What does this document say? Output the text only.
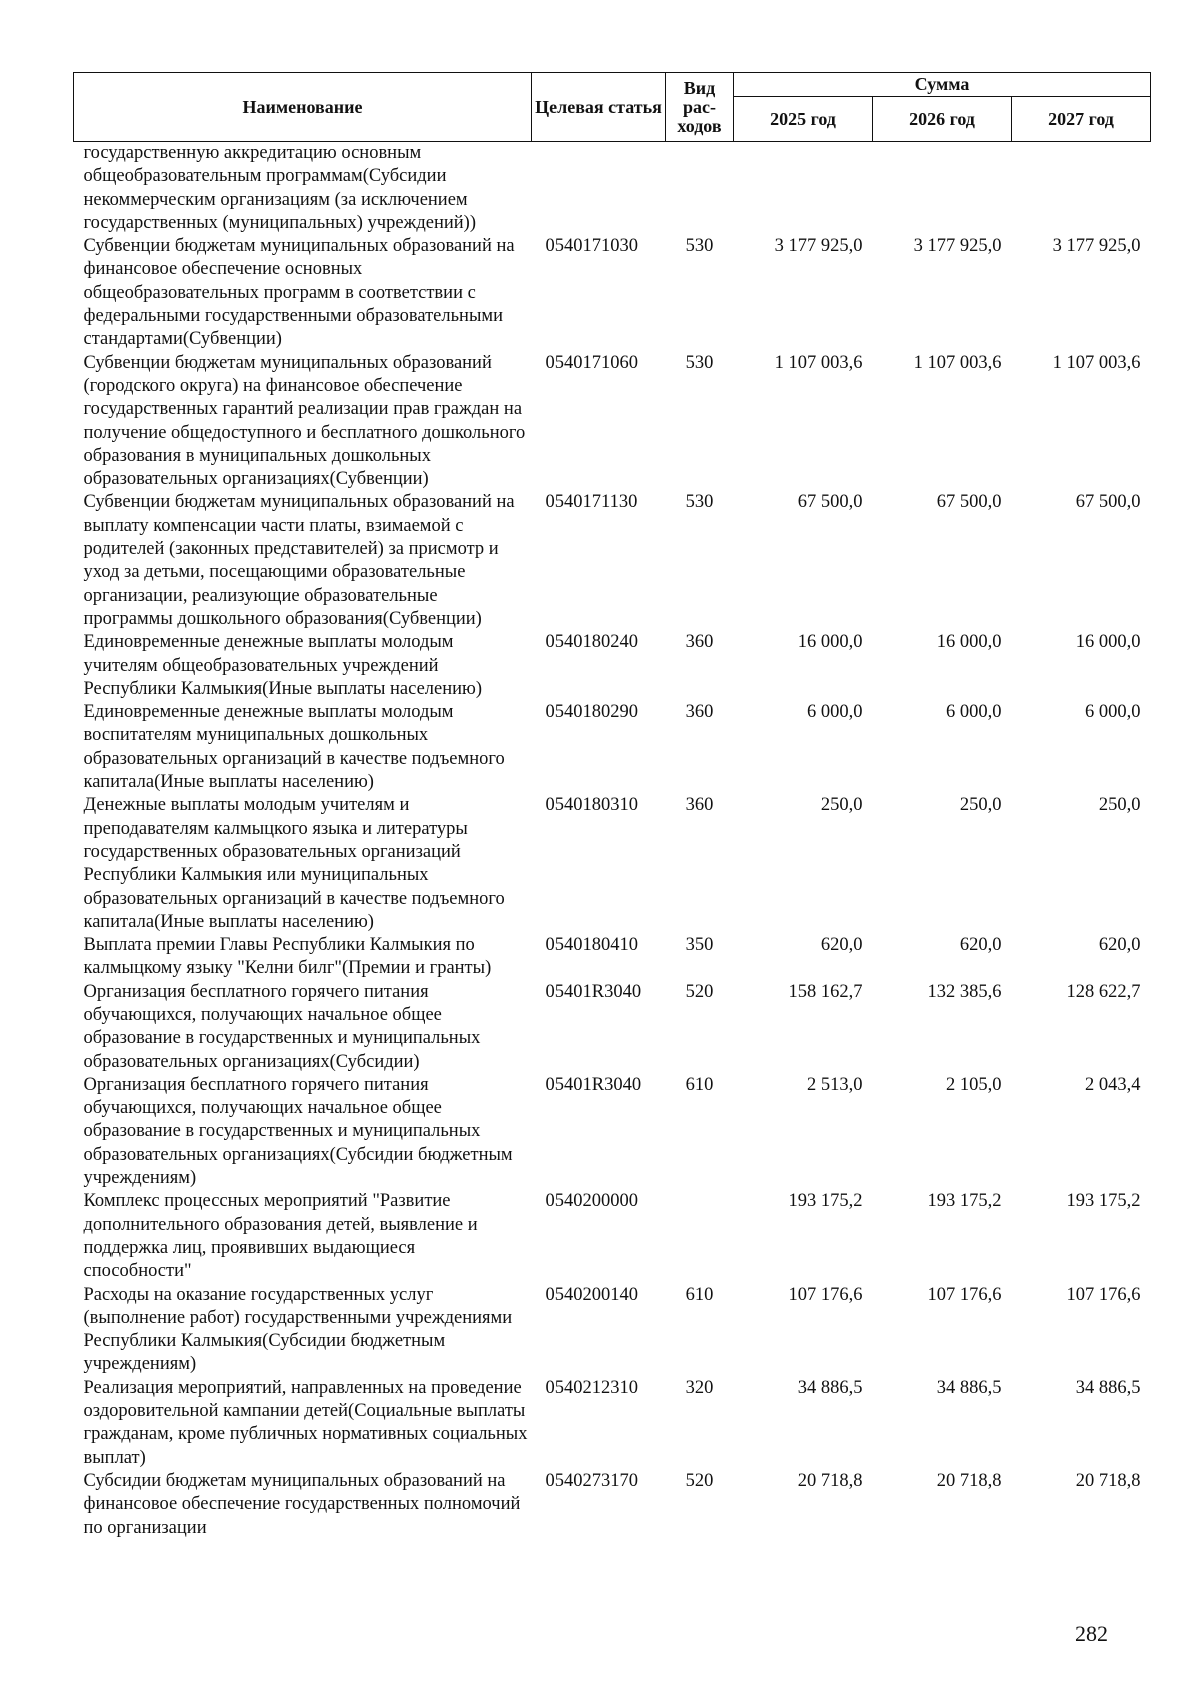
Наименование	Целевая статья	Вид рас-ходов	Сумма		
			2025 год	2026 год	2027 год
государственную аккредитацию основным общеобразовательным программам(Субсидии некоммерческим организациям (за исключением государственных (муниципальных) учреждений))					
Субвенции бюджетам муниципальных образований на финансовое обеспечение основных общеобразовательных программ в соответствии с федеральными государственными образовательными стандартами(Субвенции)	0540171030	530	3 177 925,0	3 177 925,0	3 177 925,0
Субвенции бюджетам муниципальных образований (городского округа) на финансовое обеспечение государственных гарантий реализации прав граждан на получение общедоступного и бесплатного дошкольного образования в муниципальных дошкольных образовательных организациях(Субвенции)	0540171060	530	1 107 003,6	1 107 003,6	1 107 003,6
Субвенции бюджетам муниципальных образований на выплату компенсации части платы, взимаемой с родителей (законных представителей) за присмотр и уход за детьми, посещающими образовательные организации, реализующие образовательные программы дошкольного образования(Субвенции)	0540171130	530	67 500,0	67 500,0	67 500,0
Единовременные денежные выплаты молодым учителям общеобразовательных учреждений Республики Калмыкия(Иные выплаты населению)	0540180240	360	16 000,0	16 000,0	16 000,0
Единовременные денежные выплаты молодым воспитателям муниципальных дошкольных образовательных организаций в качестве подъемного капитала(Иные выплаты населению)	0540180290	360	6 000,0	6 000,0	6 000,0
Денежные выплаты молодым учителям и преподавателям калмыцкого языка и литературы государственных образовательных организаций Республики Калмыкия или муниципальных образовательных организаций в качестве подъемного капитала(Иные выплаты населению)	0540180310	360	250,0	250,0	250,0
Выплата премии Главы Республики Калмыкия по калмыцкому языку "Келни билг"(Премии и гранты)	0540180410	350	620,0	620,0	620,0
Организация бесплатного горячего питания обучающихся, получающих начальное общее образование в государственных и муниципальных образовательных организациях(Субсидии)	05401R3040	520	158 162,7	132 385,6	128 622,7
Организация бесплатного горячего питания обучающихся, получающих начальное общее образование в государственных и муниципальных образовательных организациях(Субсидии бюджетным учреждениям)	05401R3040	610	2 513,0	2 105,0	2 043,4
Комплекс процессных мероприятий "Развитие дополнительного образования детей, выявление и поддержка лиц, проявивших выдающиеся способности"	0540200000		193 175,2	193 175,2	193 175,2
Расходы на оказание государственных услуг (выполнение работ) государственными учреждениями Республики Калмыкия(Субсидии бюджетным учреждениям)	0540200140	610	107 176,6	107 176,6	107 176,6
Реализация мероприятий, направленных на проведение оздоровительной кампании детей(Социальные выплаты гражданам, кроме публичных нормативных социальных выплат)	0540212310	320	34 886,5	34 886,5	34 886,5
Субсидии бюджетам муниципальных образований на финансовое обеспечение государственных полномочий по организации	0540273170	520	20 718,8	20 718,8	20 718,8
282
